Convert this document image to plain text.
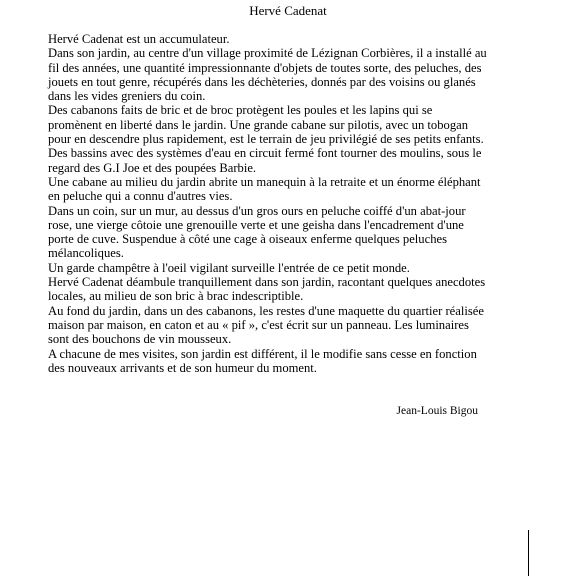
Hervé Cadenat

Hervé Cadenat est un accumulateur.

Dans son jardin, au centre d'un village proximité de Lézignan Corbières, il a installé au fil des années, une quantité impressionnante d'objets de toutes sorte, des peluches, des jouets en tout genre, récupérés dans les déchèteries, donnés par des voisins ou glanés dans les vides greniers du coin.

Des cabanons faits de bric et de broc protègent les poules et les lapins qui se promènent en liberté dans le jardin. Une grande cabane sur pilotis, avec un tobogan pour en descendre plus rapidement, est le terrain de jeu privilégié de ses petits enfants.

Des bassins avec des systèmes d'eau en circuit fermé font tourner des moulins, sous le regard des G.I Joe et des poupées Barbie.

Une cabane au milieu du jardin abrite un manequin à la retraite et un énorme éléphant en peluche qui a connu d'autres vies.

Dans un coin, sur un mur, au dessus d'un gros ours en peluche coiffé d'un abat-jour rose, une vierge côtoie une grenouille verte et une geisha dans l'encadrement d'une porte de cuve. Suspendue à côté une cage à oiseaux enferme quelques peluches mélancoliques.

Un garde champêtre à l'oeil vigilant surveille l'entrée de ce petit monde.

Hervé Cadenat déambule tranquillement dans son jardin, racontant quelques anecdotes locales, au milieu de son bric à brac indescriptible.

Au fond du jardin, dans un des cabanons, les restes d'une maquette du quartier réalisée maison par maison, en caton et au « pif », c'est écrit sur un panneau. Les luminaires sont des bouchons de vin mousseux.

A chacune de mes visites, son jardin est différent, il le modifie sans cesse en fonction des nouveaux arrivants et de son humeur du moment.

Jean-Louis Bigou
